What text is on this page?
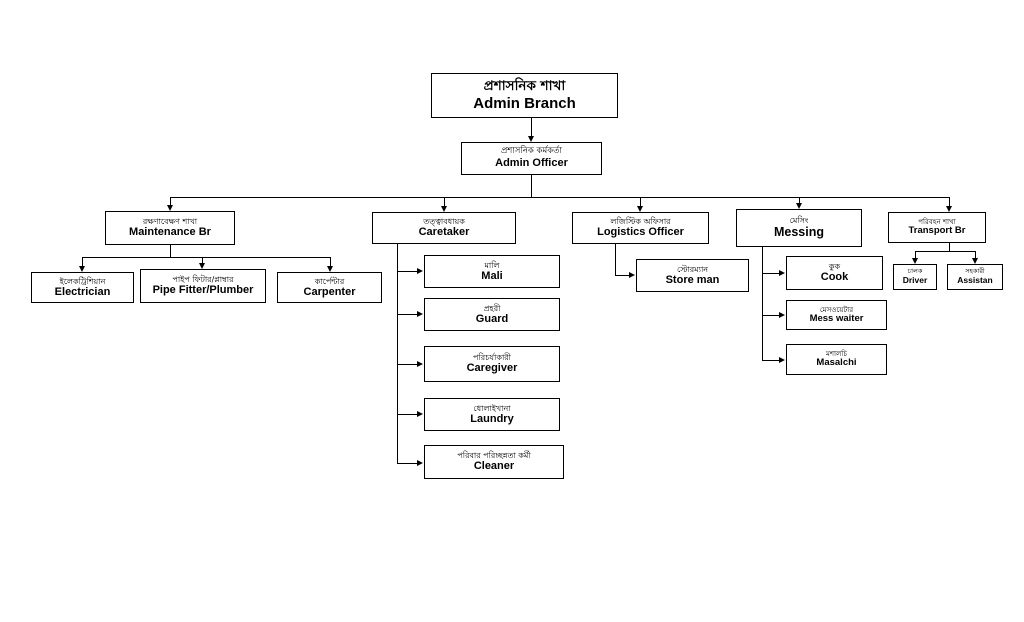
প্রশাসনিক শাখা
Admin Branch
প্রশাসনিক কর্মকর্তা
Admin Officer
রক্ষণাবেক্ষণ শাখা
Maintenance Br
তত্ত্বাবধায়ক
Caretaker
লজিস্টিক অফিসার
Logistics Officer
মেসিং
Messing
পরিবহন শাখা
Transport Br
ইলেকট্রিশিয়ান
Electrician
পাইপ ফিটার/প্লাম্বার
Pipe Fitter/Plumber
কার্পেন্টার
Carpenter
মালি
Mali
প্রহরী
Guard
পরিচর্যাকারী
Caregiver
ধোলাইখানা
Laundry
পরিবার পরিচ্ছন্নতা কর্মী
Cleaner
স্টোরম্যান
Store man
কুক
Cook
মেসওয়েটার
Mess waiter
মশালচি
Masalchi
চালক
Driver
সহকারী
Assistan
